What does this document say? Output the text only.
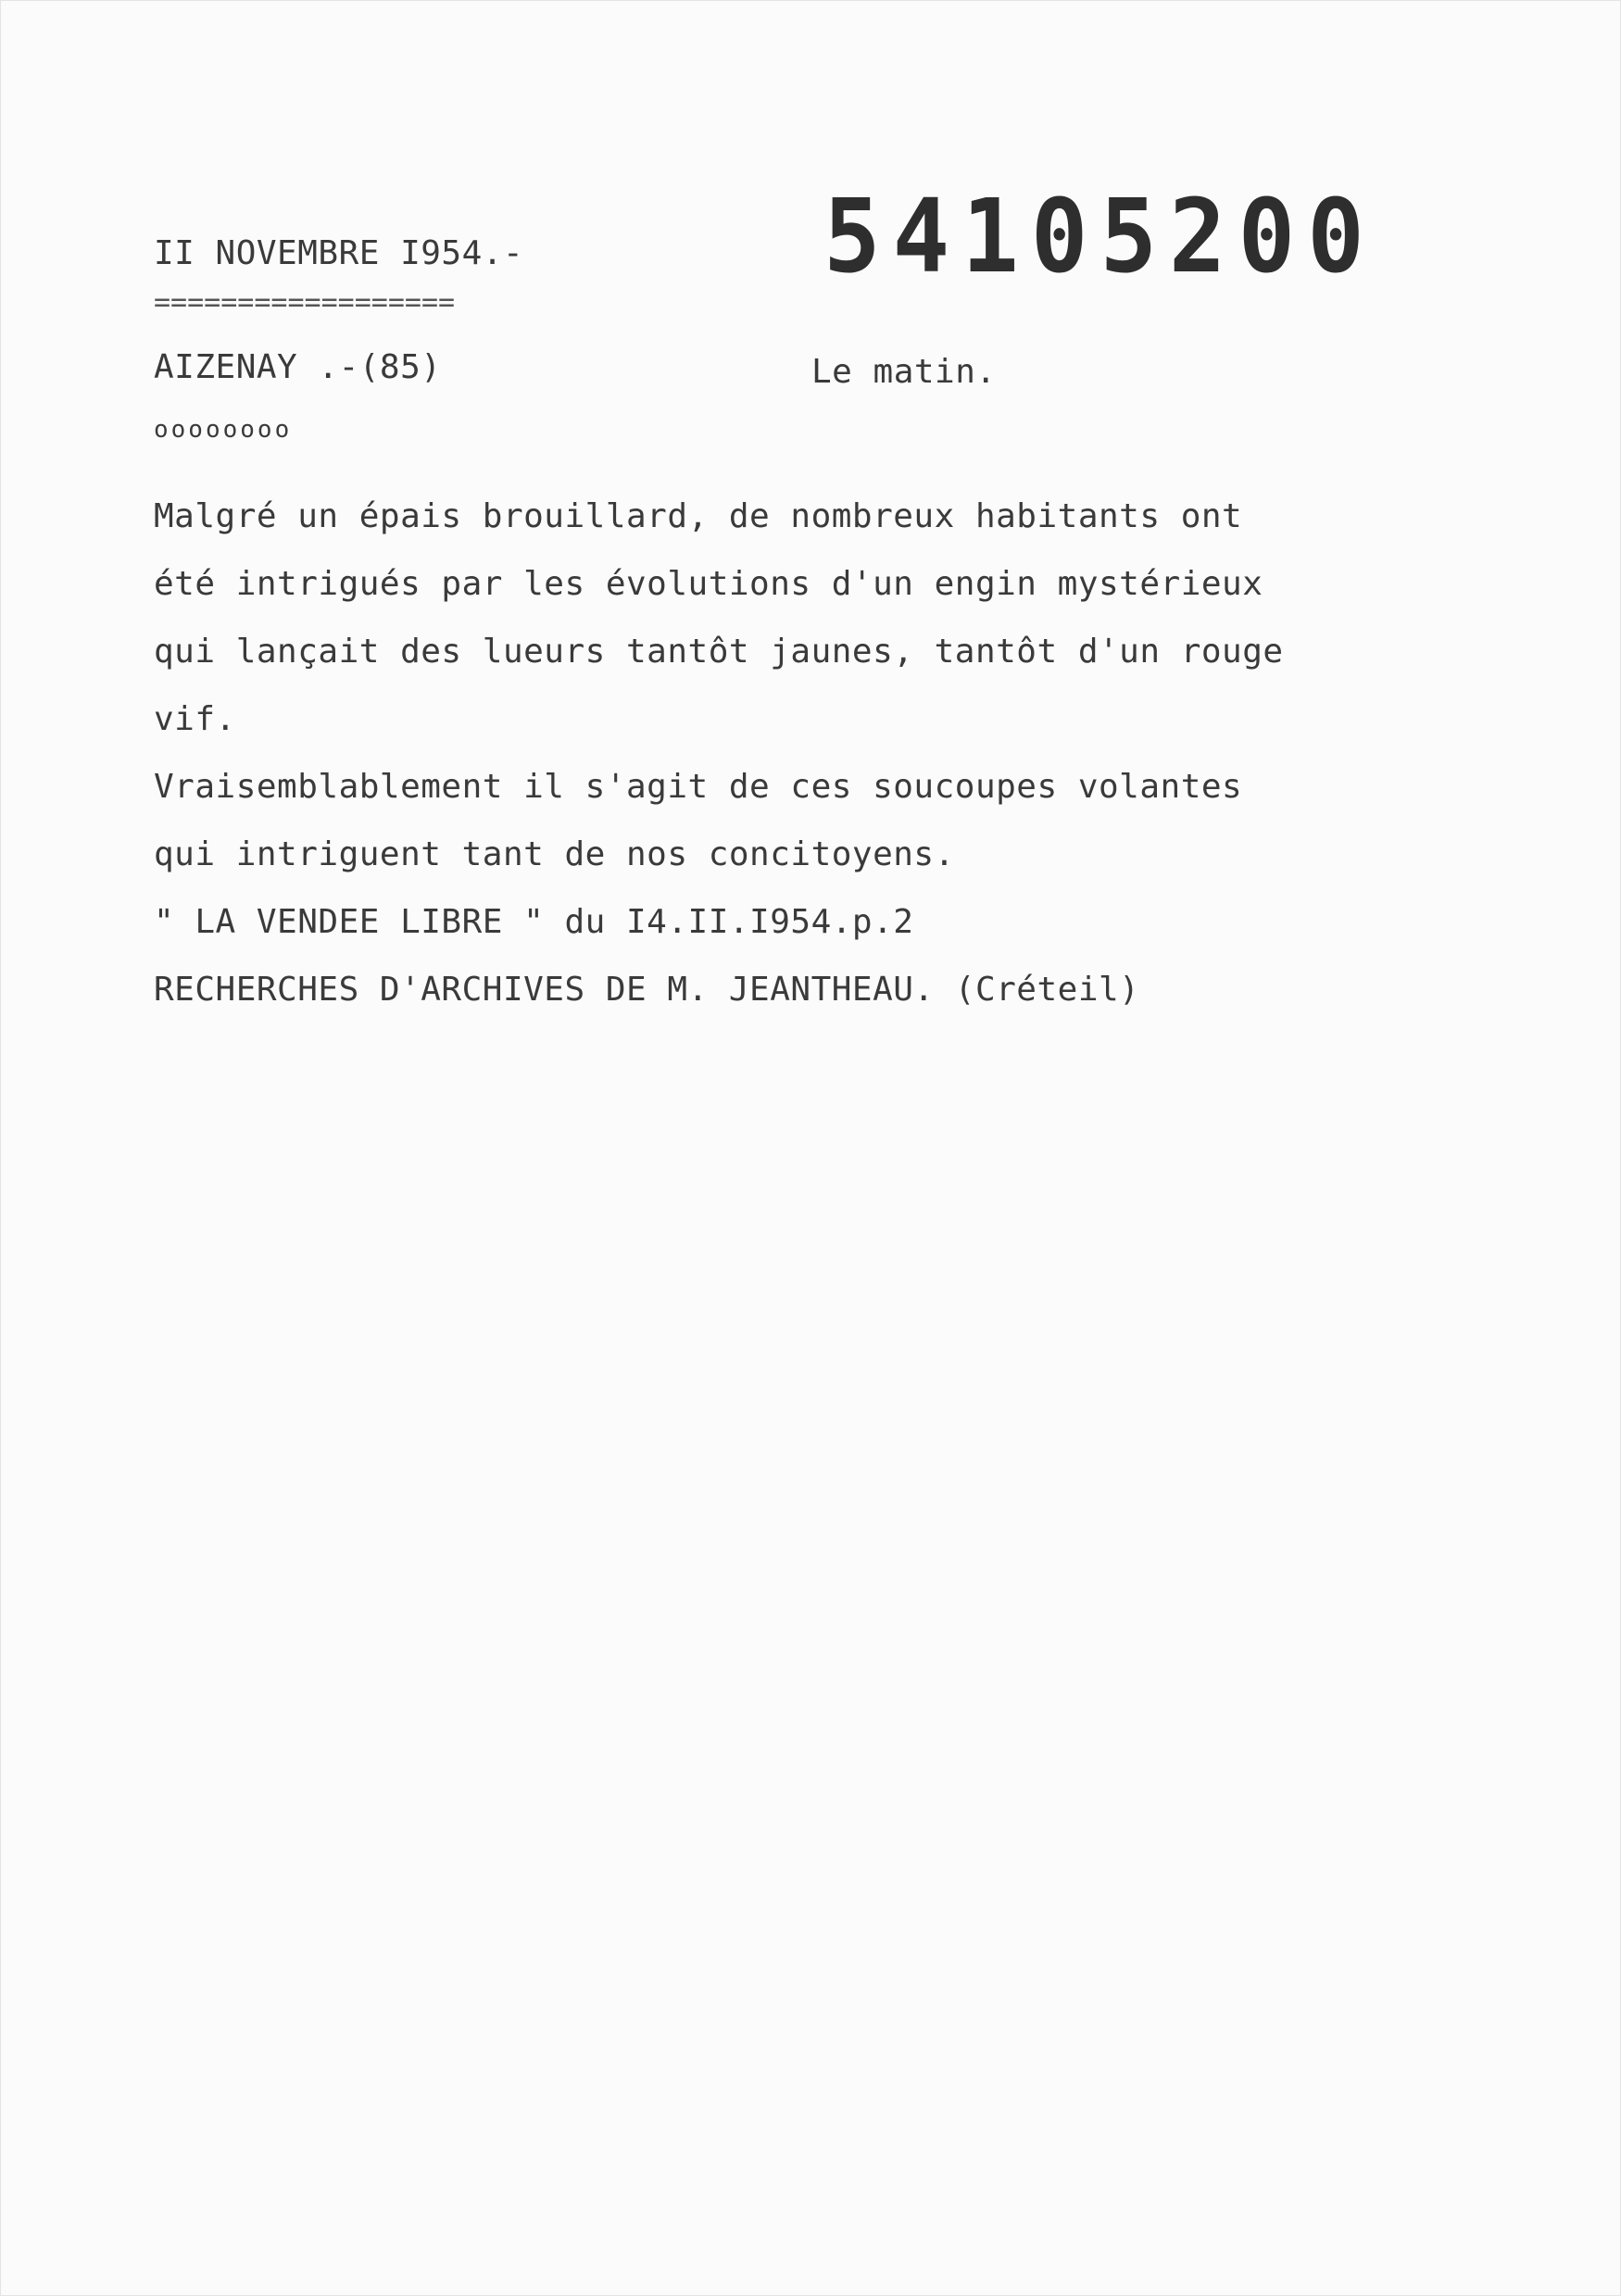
II NOVEMBRE I954.-
==================
54105200
AIZENAY .-(85)	Le matin.
oooooooo
Malgré un épais brouillard, de nombreux habitants ont
été intrigués par les évolutions d'un engin mystérieux
qui lançait des lueurs tantôt jaunes, tantôt d'un rouge
vif.
Vraisemblablement il s'agit de ces soucoupes volantes
qui intriguent tant de nos concitoyens.
" LA VENDEE LIBRE " du I4.II.I954.p.2
RECHERCHES D'ARCHIVES DE M. JEANTHEAU. (Créteil)
